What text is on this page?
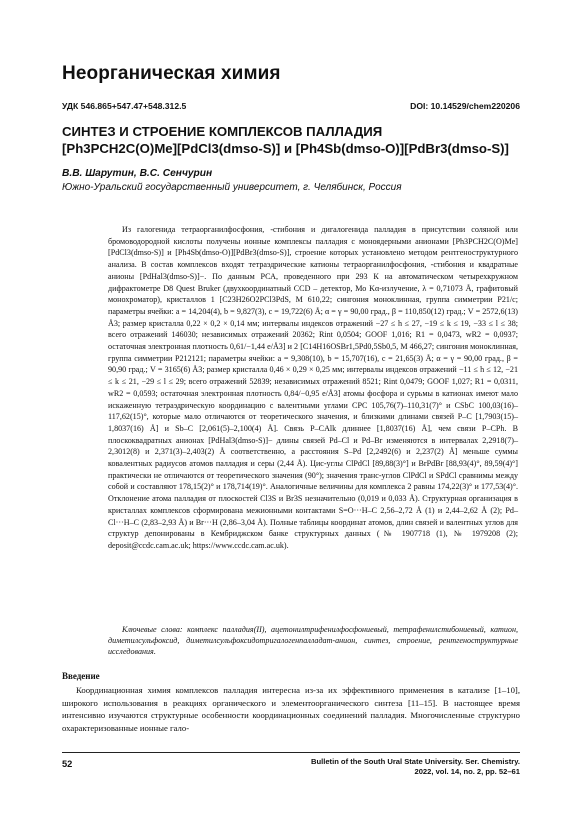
Неорганическая химия
УДК 546.865+547.47+548.312.5	DOI: 10.14529/chem220206
СИНТЕЗ И СТРОЕНИЕ КОМПЛЕКСОВ ПАЛЛАДИЯ
[Ph3PCH2C(O)Me][PdCl3(dmso-S)] и [Ph4Sb(dmso-O)][PdBr3(dmso-S)]
В.В. Шарутин, В.С. Сенчурин
Южно-Уральский государственный университет, г. Челябинск, Россия

Из галогенида тетраорганилфосфония, -стибония и дигалогенида палладия в присутствии соляной или бромоводородной кислоты получены ионные комплексы палладия с моноядерными анионами [Ph3PCH2C(O)Me][PdCl3(dmso-S)] и [Ph4Sb(dmso-O)][PdBr3(dmso-S)], строение которых установлено методом рентгеноструктурного анализа. В состав комплексов входят тетраэдрические катионы тетраорганилфосфония, -стибония и квадратные анионы [PdHal3(dmso-S)]−. По данным РСА, проведенного при 293 К на автоматическом четырехкружном дифрактометре D8 Quest Bruker (двухкоординатный CCD – детектор, Мо Kα-излучение, λ = 0,71073 Å, графитовый монохроматор), кристаллов 1 [C23H26O2PCl3PdS, M 610,22; сингония моноклинная, группа симметрии P21/c; параметры ячейки: a = 14,204(4), b = 9,827(3), c = 19,722(6) Å; α = γ = 90,00 град., β = 110,850(12) град.; V = 2572,6(13) Å3; размер кристалла 0,22 × 0,2 × 0,14 мм; интервалы индексов отражений −27 ≤ h ≤ 27, −19 ≤ k ≤ 19, −33 ≤ l ≤ 38; всего отражений 146030; независимых отражений 20362; Rint 0,0504; GOOF 1,016; R1 = 0,0473, wR2 = 0,0937; остаточная электронная плотность 0,61/−1,44 е/Å3] и 2 [C14H16OSBr1,5Pd0,5Sb0,5, M 466,27; сингония моноклинная, группа симметрии P212121; параметры ячейки: a = 9,308(10), b = 15,707(16), c = 21,65(3) Å; α = γ = 90,00 град., β = 90,90 град.; V = 3165(6) Å3; размер кристалла 0,46 × 0,29 × 0,25 мм; интервалы индексов отражений −11 ≤ h ≤ 12, −21 ≤ k ≤ 21, −29 ≤ l ≤ 29; всего отражений 52839; независимых отражений 8521; Rint 0,0479; GOOF 1,027; R1 = 0,0311, wR2 = 0,0593; остаточная электронная плотность 0,84/−0,95 е/Å3] атомы фосфора и сурьмы в катионах имеют мало искаженную тетраэдрическую координацию с валентными углами CPC 105,76(7)–110,31(7)° и CSbC 100,03(16)–117,62(15)°, которые мало отличаются от теоретического значения, и близкими длинами связей P–C [1,7903(15)–1,8037(16) Å] и Sb–C [2,061(5)–2,100(4) Å]. Связь P–CAlk длиннее [1,8037(16) Å], чем связи P–CPh. В плоскоквадратных анионах [PdHal3(dmso-S)]− длины связей Pd–Cl и Pd–Br изменяются в интервалах 2,2918(7)–2,3012(8) и 2,371(3)–2,403(2) Å соответственно, а расстояния S–Pd [2,2492(6) и 2,237(2) Å] меньше суммы ковалентных радиусов атомов палладия и серы (2,44 Å). Цис-углы ClPdCl [89,88(3)°] и BrPdBr [88,93(4)°, 89,59(4)°] практически не отличаются от теоретического значения (90°); значения транс-углов ClPdCl и SPdCl сравнимы между собой и составляют 178,15(2)° и 178,714(19)°. Аналогичные величины для комплекса 2 равны 174,22(3)° и 177,53(4)°. Отклонение атома палладия от плоскостей Cl3S и Br3S незначительно (0,019 и 0,033 Å). Структурная организация в кристаллах комплексов сформирована межионными контактами S=O···H–C 2,56–2,72 Å (1) и 2,44–2,62 Å (2); Pd–Cl···H–C (2,83–2,93 Å) и Br···H (2,86–3,04 Å). Полные таблицы координат атомов, длин связей и валентных углов для структур депонированы в Кембриджском банке структурных данных (№ 1907718 (1), № 1979208 (2); deposit@ccdc.cam.ac.uk; https://www.ccdc.cam.ac.uk).

Ключевые слова: комплекс палладия(II), ацетонилтрифенилфосфониевый, тетрафенилстибониевый, катион, диметилсульфоксид, диметилсульфоксидотригалогенпалладат-анион, синтез, строение, рентгеноструктурные исследования.
Введение

Координационная химия комплексов палладия интересна из-за их эффективного применения в катализе [1–10], широкого использования в реакциях органического и элементоорганического синтеза [11–15]. В настоящее время интенсивно изучаются структурные особенности координационных соединений палладия. Многочисленные структурно охарактеризованные ионные гало-

52	Bulletin of the South Ural State University. Ser. Chemistry.
2022, vol. 14, no. 2, pp. 52–61
